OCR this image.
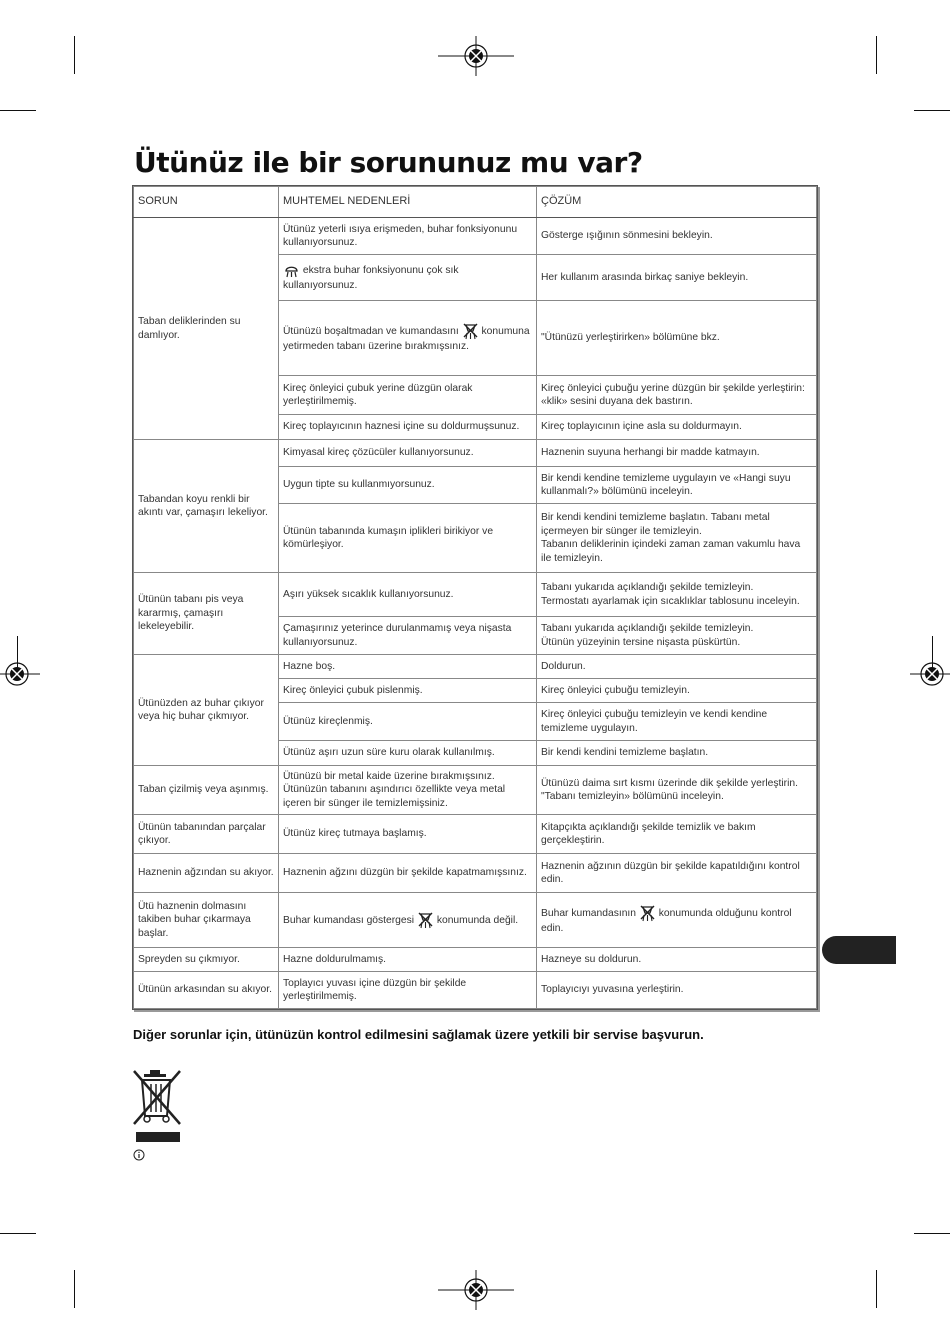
Ütünüz ile bir sorununuz mu var?
SORUN	MUHTEMEL NEDENLERİ	ÇÖZÜM
Taban deliklerinden su damlıyor.	Ütünüz yeterli ısıya erişmeden, buhar fonksiyonunu kullanıyorsunuz.	Gösterge ışığının sönmesini bekleyin.
	ekstra buhar fonksiyonunu çok sık kullanıyorsunuz.	Her kullanım arasında birkaç saniye bekleyin.
	Ütünüzü boşaltmadan ve kumandasını konumuna yetirmeden tabanı üzerine bırakmışsınız.	"Ütünüzü yerleştirirken» bölümüne bkz.
	Kireç önleyici çubuk yerine düzgün olarak yerleştirilmemiş.	Kireç önleyici çubuğu yerine düzgün bir şekilde yerleştirin: «klik» sesini duyana dek bastırın.
	Kireç toplayıcının haznesi içine su doldurmuşsunuz.	Kireç toplayıcının içine asla su doldurmayın.
Tabandan koyu renkli bir akıntı var, çamaşırı lekeliyor.	Kimyasal kireç çözücüler kullanıyorsunuz.	Haznenin suyuna herhangi bir madde katmayın.
	Uygun tipte su kullanmıyorsunuz.	Bir kendi kendine temizleme uygulayın ve «Hangi suyu kullanmalı?» bölümünü inceleyin.
	Ütünün tabanında kumaşın iplikleri birikiyor ve kömürleşiyor.	Bir kendi kendini temizleme başlatın. Tabanı metal içermeyen bir sünger ile temizleyin.
Tabanın deliklerinin içindeki zaman zaman vakumlu hava ile temizleyin.
Ütünün tabanı pis veya kararmış, çamaşırı lekeleyebilir.	Aşırı yüksek sıcaklık kullanıyorsunuz.	Tabanı yukarıda açıklandığı şekilde temizleyin.
Termostatı ayarlamak için sıcaklıklar tablosunu inceleyin.
	Çamaşırınız yeterince durulanmamış veya nişasta kullanıyorsunuz.	Tabanı yukarıda açıklandığı şekilde temizleyin.
Ütünün yüzeyinin tersine nişasta püskürtün.
Ütünüzden az buhar çıkıyor veya hiç buhar çıkmıyor.	Hazne boş.	Doldurun.
	Kireç önleyici çubuk pislenmiş.	Kireç önleyici çubuğu temizleyin.
	Ütünüz kireçlenmiş.	Kireç önleyici çubuğu temizleyin ve kendi kendine temizleme uygulayın.
	Ütünüz aşırı uzun süre kuru olarak kullanılmış.	Bir kendi kendini temizleme başlatın.
Taban çizilmiş veya aşınmış.	Ütünüzü bir metal kaide üzerine bırakmışsınız. Ütünüzün tabanını aşındırıcı özellikte veya metal içeren bir sünger ile temizlemişsiniz.	Ütünüzü daima sırt kısmı üzerinde dik şekilde yerleştirin.
"Tabanı temizleyin» bölümünü inceleyin.
Ütünün tabanından parçalar çıkıyor.	Ütünüz kireç tutmaya başlamış.	Kitapçıkta açıklandığı şekilde temizlik ve bakım gerçekleştirin.
Haznenin ağzından su akıyor.	Haznenin ağzını düzgün bir şekilde kapatmamışsınız.	Haznenin ağzının düzgün bir şekilde kapatıldığını kontrol edin.
Ütü haznenin dolmasını takiben buhar çıkarmaya başlar.	Buhar kumandası göstergesi konumunda değil.	Buhar kumandasının konumunda olduğunu kontrol edin.
Spreyden su çıkmıyor.	Hazne doldurulmamış.	Hazneye su doldurun.
Ütünün arkasından su akıyor.	Toplayıcı yuvası içine düzgün bir şekilde yerleştirilmemiş.	Toplayıcıyı yuvasına yerleştirin.
Diğer sorunlar için, ütünüzün kontrol edilmesini sağlamak üzere yetkili bir servise başvurun.
